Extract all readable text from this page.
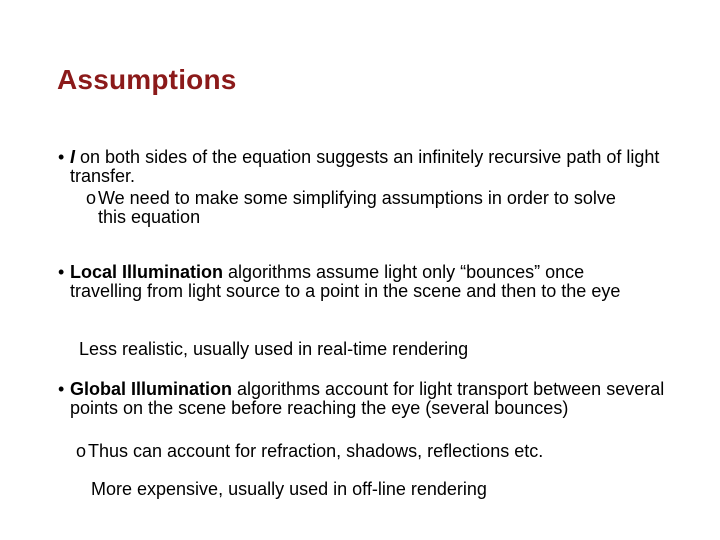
Assumptions
• I on both sides of the equation suggests an infinitely recursive path of light transfer.
o We need to make some simplifying assumptions in order to solve this equation
• Local Illumination algorithms assume light only “bounces” once travelling from light source to a point in the scene and then to the eye
Less realistic, usually used in real-time rendering
• Global Illumination algorithms account for light transport between several points on the scene before reaching the eye (several bounces)
o Thus can account for refraction, shadows, reflections etc.
More expensive, usually used in off-line rendering
